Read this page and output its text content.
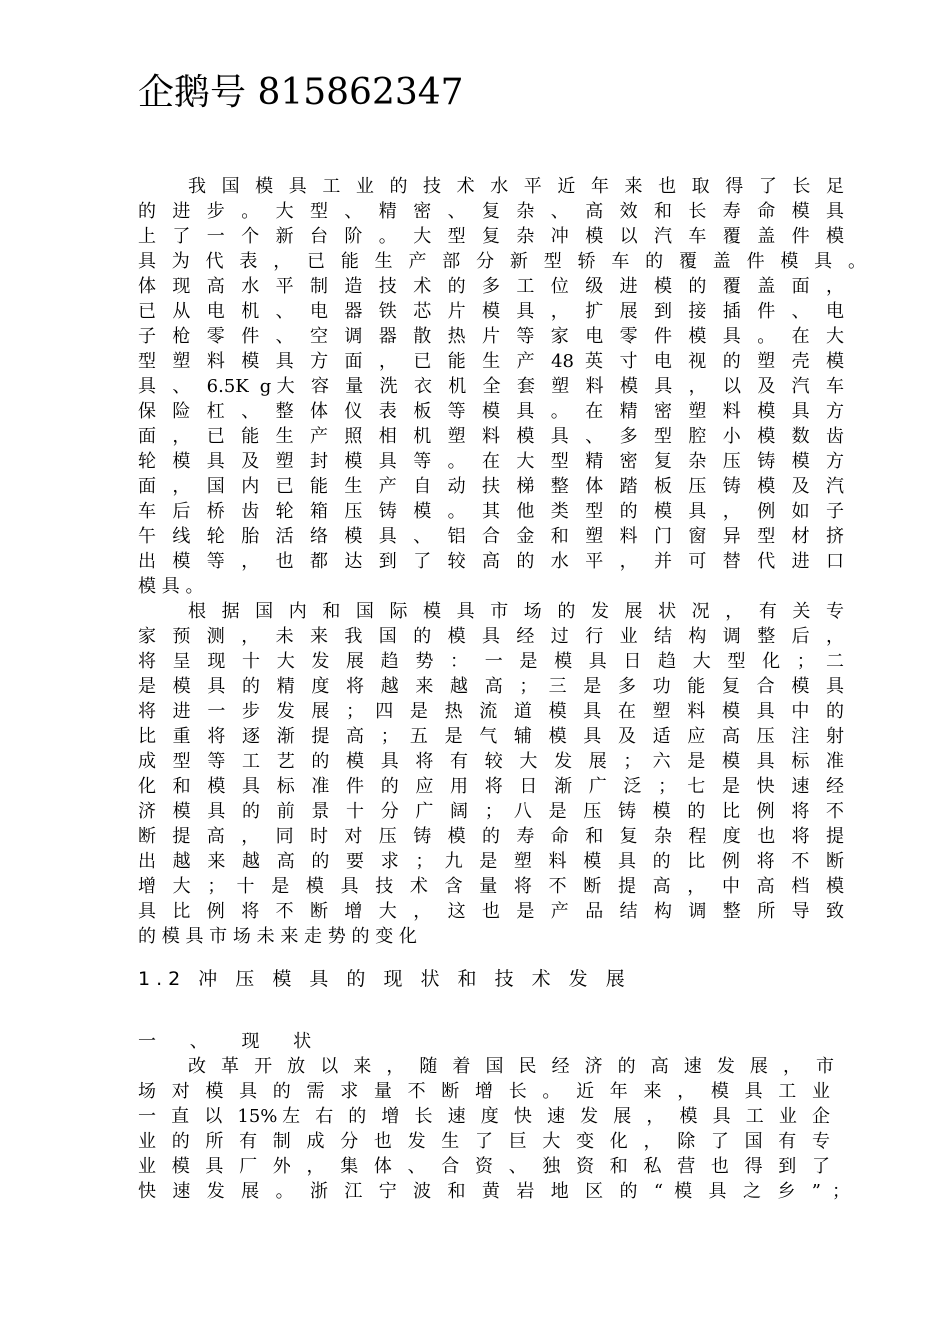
企鹅号 815862347
我 国 模 具 工 业 的 技 术 水 平 近 年 来 也 取 得 了 长 足
的 进 步 。 大 型 、 精 密 、 复 杂 、 高 效 和 长 寿 命 模 具
上 了 一 个 新 台 阶 。 大 型 复 杂 冲 模 以 汽 车 覆 盖 件 模
具 为 代 表 ， 已 能 生 产 部 分 新 型 轿 车 的 覆 盖 件 模 具 。
体 现 高 水 平 制 造 技 术 的 多 工 位 级 进 模 的 覆 盖 面 ，
已 从 电 机 、 电 器 铁 芯 片 模 具 ， 扩 展 到 接 插 件 、 电
子 枪 零 件 、 空 调 器 散 热 片 等 家 电 零 件 模 具 。 在 大
型 塑 料 模 具 方 面 ， 已 能 生 产 48 英 寸 电 视 的 塑 壳 模
具 、 6.5K g大 容 量 洗 衣 机 全 套 塑 料 模 具 ， 以 及 汽 车
保 险 杠 、 整 体 仪 表 板 等 模 具 。 在 精 密 塑 料 模 具 方
面 ， 已 能 生 产 照 相 机 塑 料 模 具 、 多 型 腔 小 模 数 齿
轮 模 具 及 塑 封 模 具 等 。 在 大 型 精 密 复 杂 压 铸 模 方
面 ， 国 内 已 能 生 产 自 动 扶 梯 整 体 踏 板 压 铸 模 及 汽
车 后 桥 齿 轮 箱 压 铸 模 。 其 他 类 型 的 模 具 ， 例 如 子
午 线 轮 胎 活 络 模 具 、 铝 合 金 和 塑 料 门 窗 异 型 材 挤
出 模 等 ， 也 都 达 到 了 较 高 的 水 平 ， 并 可 替 代 进 口
模 具 。
根 据 国 内 和 国 际 模 具 市 场 的 发 展 状 况 ， 有 关 专
家 预 测 ， 未 来 我 国 的 模 具 经 过 行 业 结 构 调 整 后 ，
将 呈 现 十 大 发 展 趋 势 ： 一 是 模 具 日 趋 大 型 化 ； 二
是 模 具 的 精 度 将 越 来 越 高 ； 三 是 多 功 能 复 合 模 具
将 进 一 步 发 展 ； 四 是 热 流 道 模 具 在 塑 料 模 具 中 的
比 重 将 逐 渐 提 高 ； 五 是 气 辅 模 具 及 适 应 高 压 注 射
成 型 等 工 艺 的 模 具 将 有 较 大 发 展 ； 六 是 模 具 标 准
化 和 模 具 标 准 件 的 应 用 将 日 渐 广 泛 ； 七 是 快 速 经
济 模 具 的 前 景 十 分 广 阔 ； 八 是 压 铸 模 的 比 例 将 不
断 提 高 ， 同 时 对 压 铸 模 的 寿 命 和 复 杂 程 度 也 将 提
出 越 来 越 高 的 要 求 ； 九 是 塑 料 模 具 的 比 例 将 不 断
增 大 ； 十 是 模 具 技 术 含 量 将 不 断 提 高 ， 中 高 档 模
具 比 例 将 不 断 增 大 ， 这 也 是 产 品 结 构 调 整 所 导 致
的 模 具 市 场 未 来 走 势 的 变 化
1.2 冲 压 模 具 的 现 状 和 技 术 发 展
一 、 现 状
改 革 开 放 以 来 ， 随 着 国 民 经 济 的 高 速 发 展 ， 市
场 对 模 具 的 需 求 量 不 断 增 长 。 近 年 来 ， 模 具 工 业
一 直 以 15%左 右 的 增 长 速 度 快 速 发 展 ， 模 具 工 业 企
业 的 所 有 制 成 分 也 发 生 了 巨 大 变 化 ， 除 了 国 有 专
业 模 具 厂 外 ， 集 体 、 合 资 、 独 资 和 私 营 也 得 到 了
快 速 发 展 。 浙 江 宁 波 和 黄 岩 地 区 的 “ 模 具 之 乡 ” ；
